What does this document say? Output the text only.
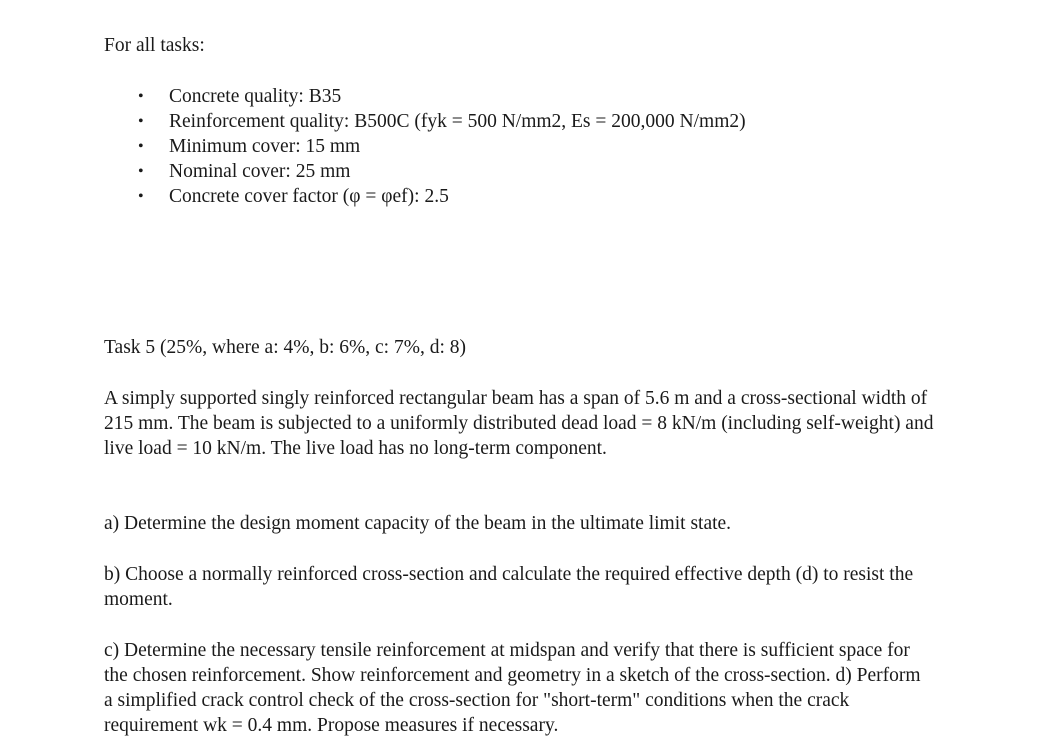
For all tasks:

• Concrete quality: B35
• Reinforcement quality: B500C (fyk = 500 N/mm2, Es = 200,000 N/mm2)
• Minimum cover: 15 mm
• Nominal cover: 25 mm
• Concrete cover factor (φ = φef): 2.5
Task 5 (25%, where a: 4%, b: 6%, c: 7%, d: 8)

A simply supported singly reinforced rectangular beam has a span of 5.6 m and a cross-sectional width of 215 mm. The beam is subjected to a uniformly distributed dead load = 8 kN/m (including self-weight) and live load = 10 kN/m. The live load has no long-term component.

a) Determine the design moment capacity of the beam in the ultimate limit state.

b) Choose a normally reinforced cross-section and calculate the required effective depth (d) to resist the moment.

c) Determine the necessary tensile reinforcement at midspan and verify that there is sufficient space for the chosen reinforcement. Show reinforcement and geometry in a sketch of the cross-section. d) Perform a simplified crack control check of the cross-section for "short-term" conditions when the crack requirement wk = 0.4 mm. Propose measures if necessary.
